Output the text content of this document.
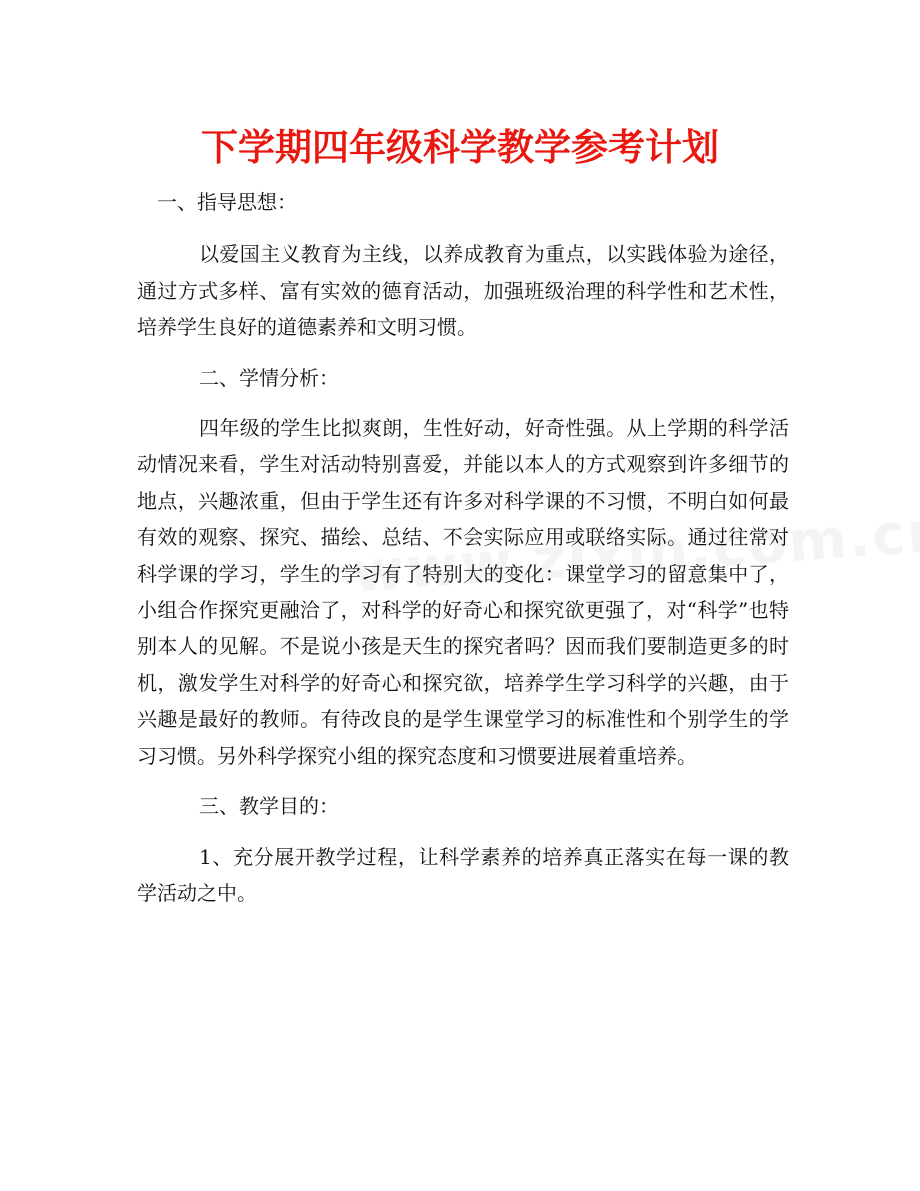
下学期四年级科学教学参考计划

一、指导思想：

以爱国主义教育为主线，以养成教育为重点，以实践体验为途径，通过方式多样、富有实效的德育活动，加强班级治理的科学性和艺术性，培养学生良好的道德素养和文明习惯。

二、学情分析：

四年级的学生比拟爽朗，生性好动，好奇性强。从上学期的科学活动情况来看，学生对活动特别喜爱，并能以本人的方式观察到许多细节的地点，兴趣浓重，但由于学生还有许多对科学课的不习惯，不明白如何最有效的观察、探究、描绘、总结、不会实际应用或联络实际。通过往常对科学课的学习，学生的学习有了特别大的变化：课堂学习的留意集中了，小组合作探究更融洽了，对科学的好奇心和探究欲更强了，对“科学”也特别本人的见解。不是说小孩是天生的探究者吗？因而我们要制造更多的时机，激发学生对科学的好奇心和探究欲，培养学生学习科学的兴趣，由于兴趣是最好的教师。有待改良的是学生课堂学习的标准性和个别学生的学习习惯。另外科学探究小组的探究态度和习惯要进展着重培养。

三、教学目的：

1、充分展开教学过程，让科学素养的培养真正落实在每一课的教学活动之中。
